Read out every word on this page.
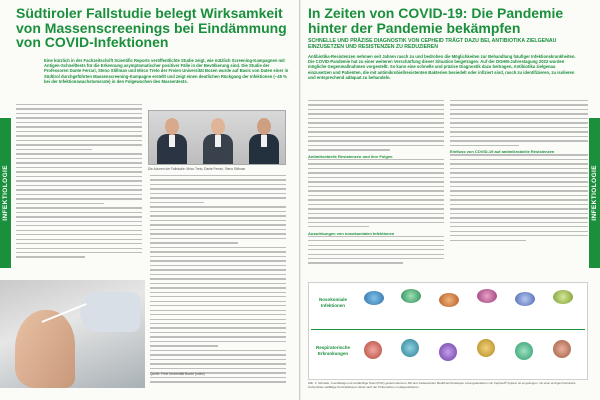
INFEKTIOLOGIE
Südtiroler Fallstudie belegt Wirksamkeit von Massenscreenings bei Eindämmung von COVID-Infektionen
Eine kürzlich in der Fachzeitschrift Scientific Reports veröffentlichte Studie zeigt, wie nützlich Screening-Kampagnen mit Antigen-Schnelltests für die Erkennung asymptomatischer positiver Fälle in der Bevölkerung sind. Die Studie der Professoren Dante Ferrari, Steno Stillman und Mirco Treto der Freien Universität Bozen wurde auf Basis von Daten einer in Südtirol durchgeführten Massenscreening-Kampagne erstellt und zeigt einen deutlichen Rückgang der Infektionen (−45 % bei der Infektionswachstumsrate) in den Folgewochen des Massentests.
Die Autoren der Fallstudie: Mirco Treto, Dante Ferrari, Steno Stillman
Quelle: Freie Universität Bozen (unibz)
INFEKTIOLOGIE
In Zeiten von COVID-19: Die Pandemie hinter der Pandemie bekämpfen
SCHNELLE UND PRÄZISE DIAGNOSTIK VON CEPHEID TRÄGT DAZU BEI, ANTIBIOTIKA ZIELGENAU EINZUSETZEN UND RESISTENZEN ZU REDUZIEREN
Antibiotika-Resistenzen nehmen seit Jahren rasch zu und bedrohen die Möglichkeiten zur Behandlung häufiger Infektionskrankheiten. Die COVID-Pandemie hat zu einer weiteren Verschärfung dieser Situation beigetragen. Auf der DGHM-Jahrestagung 2022 wurden mögliche Gegenmaßnahmen vorgestellt. So kann eine schnelle und präzise Diagnostik dazu beitragen, Antibiotika zielgenau einzusetzen und Patienten, die mit antimikrobiellresistenten Bakterien besiedelt oder infiziert sind, rasch zu identifizieren, zu isolieren und entsprechend adäquat zu behandeln.
Antimikrobielle Resistenzen und ihre Folgen
Auswirkungen von nosokomialen Infektionen
Einfluss von COVID-19 auf antimikrobielle Resistenzen
Nosokomiale Infektionen
Respiratorische Erkrankungen
Abb. 1: Schnelle, zuverlässige und verdächtige Tests (PCR) gezielt erkennen: Mit dem bedeutenden Medizinerchnoklopen Lösungsansätzen von Cepheid® System ist es gelungen, mit einer einzigen Kartusche hochpräzise vielfältige Kerninfektionen direkt nach der Probenahme zu diagnostizieren.
